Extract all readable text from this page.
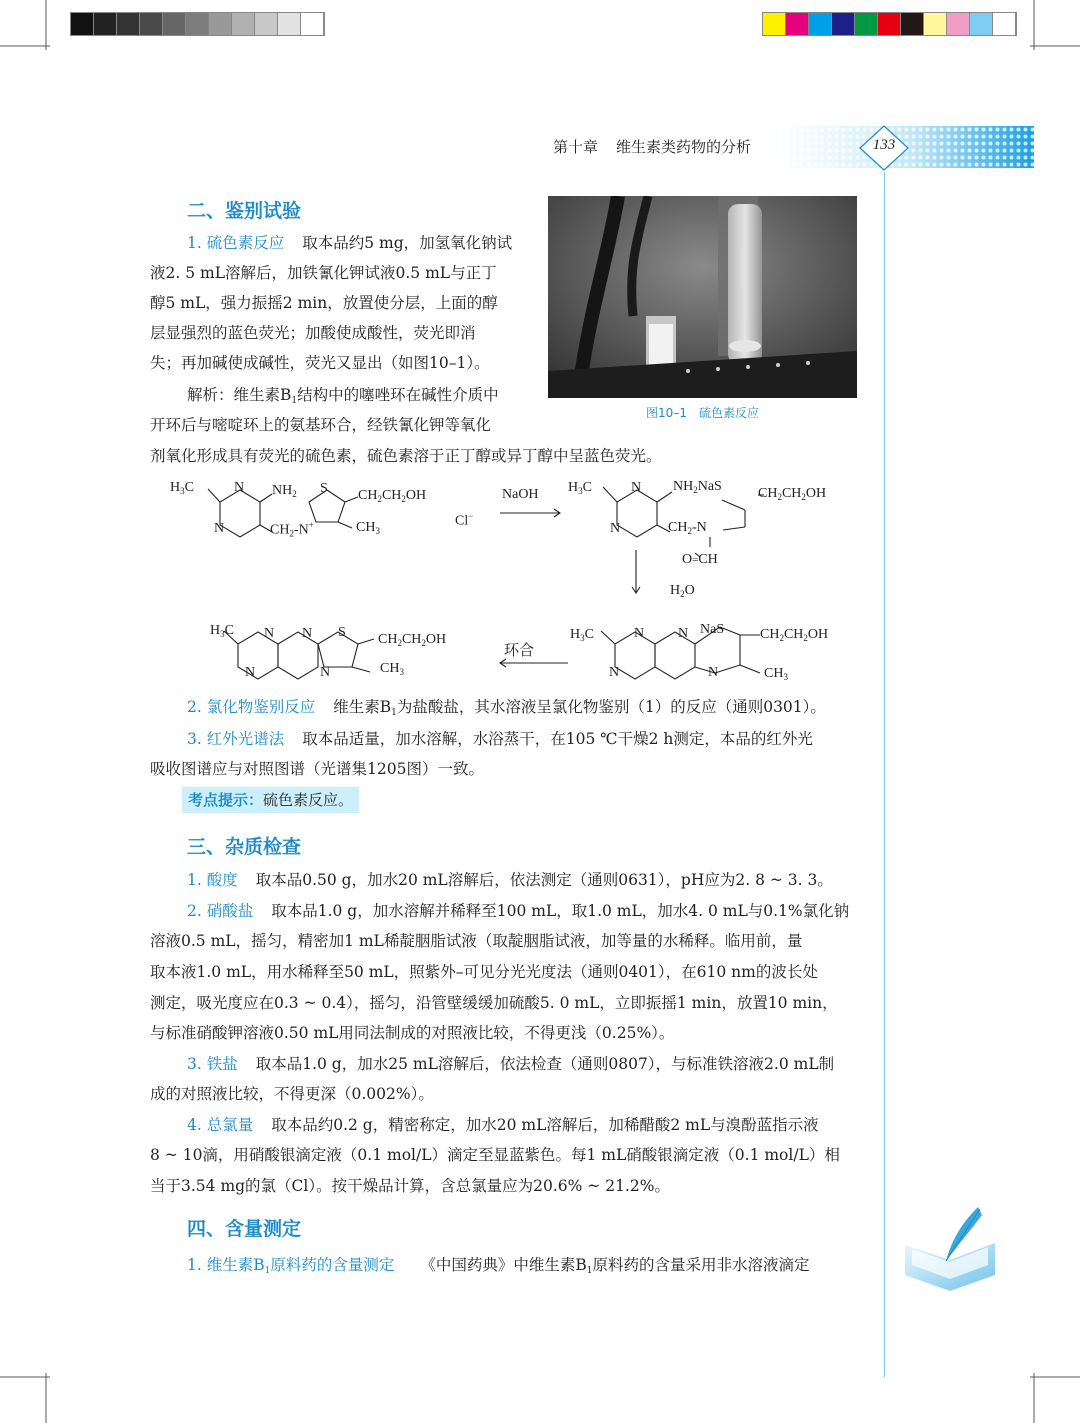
第十章 维生素类药物的分析	133
二、鉴别试验
1. 硫色素反应 取本品约5 mg，加氢氧化钠试
液2. 5 mL溶解后，加铁氰化钾试液0.5 mL与正丁
醇5 mL，强力振摇2 min，放置使分层，上面的醇
层显强烈的蓝色荧光；加酸使成酸性，荧光即消
失；再加碱使成碱性，荧光又显出（如图10–1）。
解析：维生素$B_1$结构中的噻唑环在碱性介质中
开环后与嘧啶环上的氨基环合，经铁氰化钾等氧化
剂氧化形成具有荧光的硫色素，硫色素溶于正丁醇或异丁醇中呈蓝色荧光。
图10–1　硫色素反应
$H_3C$	N $NH_2$
N	$CH_2-N^+$
S $CH_2CH_2OH$
$CH_3$
Cl−
NaOH $H_3C$	N $NH_2NaS$	$CH_2CH_2OH$
N	$CH_2-N$
O=CH
$H_2O$
$H_3C$ N N S $CH_2CH_2OH$
N	N	$CH_3$
环合
$H_3C$	N N NaS	$CH_2CH_2OH$
N	N	$CH_3$
2. 氯化物鉴别反应 维生素$B_1$为盐酸盐，其水溶液呈氯化物鉴别（1）的反应（通则0301）。
3. 红外光谱法 取本品适量，加水溶解，水浴蒸干，在105 ℃干燥2 h测定，本品的红外光
吸收图谱应与对照图谱（光谱集1205图）一致。
考点提示：硫色素反应。
三、杂质检查
1. 酸度 取本品0.50 g，加水20 mL溶解后，依法测定（通则0631），pH应为2. 8 ~ 3. 3。
2. 硝酸盐 取本品1.0 g，加水溶解并稀释至100 mL，取1.0 mL，加水4. 0 mL与0.1%氯化钠
溶液0.5 mL，摇匀，精密加1 mL稀靛胭脂试液（取靛胭脂试液，加等量的水稀释。临用前，量
取本液1.0 mL，用水稀释至50 mL，照紫外–可见分光光度法（通则0401），在610 nm的波长处
测定，吸光度应在0.3 ~ 0.4），摇匀，沿管壁缓缓加硫酸5. 0 mL，立即振摇1 min，放置10 min，
与标准硝酸钾溶液0.50 mL用同法制成的对照液比较，不得更浅（0.25%）。
3. 铁盐 取本品1.0 g，加水25 mL溶解后，依法检查（通则0807），与标准铁溶液2.0 mL制
成的对照液比较，不得更深（0.002%）。
4. 总氯量 取本品约0.2 g，精密称定，加水20 mL溶解后，加稀醋酸2 mL与溴酚蓝指示液
8 ~ 10滴，用硝酸银滴定液（0.1 mol/L）滴定至显蓝紫色。每1 mL硝酸银滴定液（0.1 mol/L）相
当于3.54 mg的氯（Cl）。按干燥品计算，含总氯量应为20.6% ~ 21.2%。
四、含量测定
1. 维生素$B_1$原料药的含量测定 《中国药典》中维生素$B_1$原料药的含量采用非水溶液滴定
